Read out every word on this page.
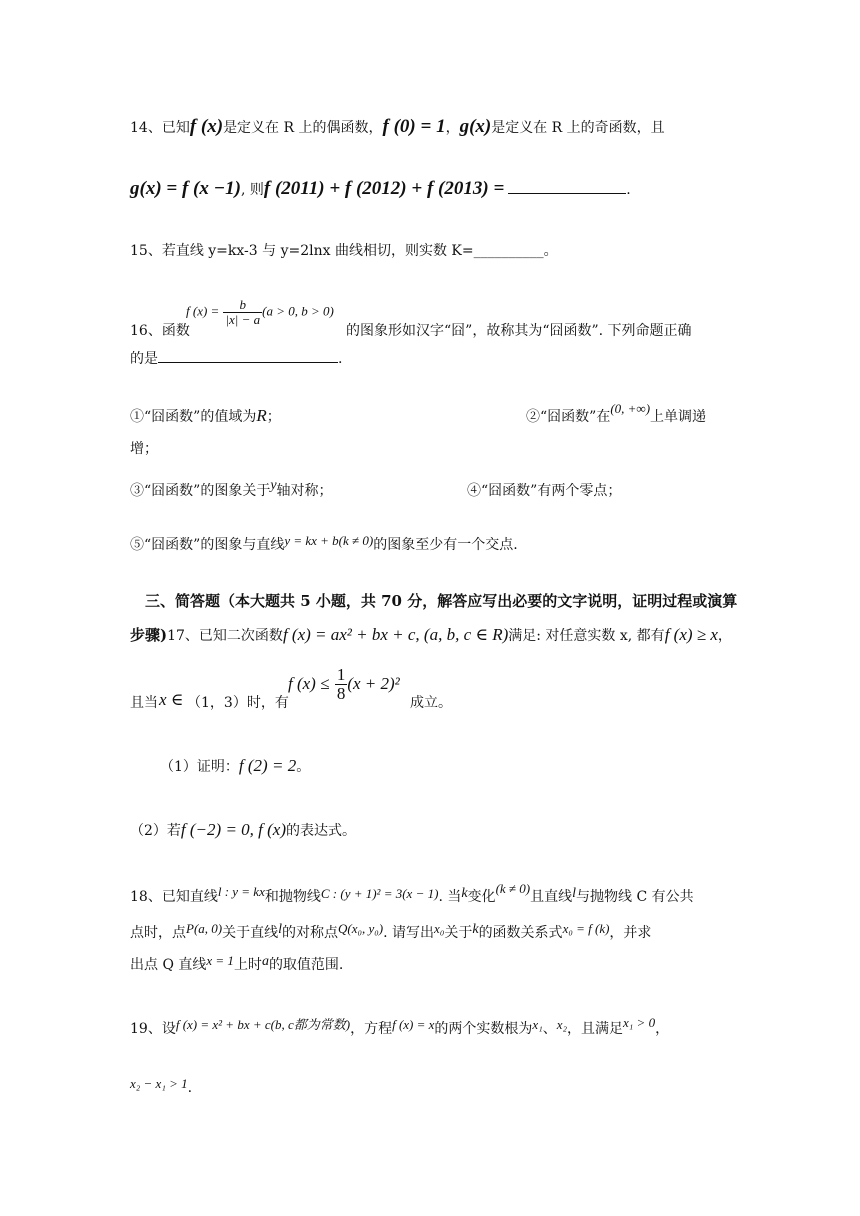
14、已知f (x)是定义在 R 上的偶函数，f (0) = 1，g(x)是定义在 R 上的奇函数，且
g(x) = f (x −1), 则f (2011) + f (2012) + f (2013) =	.
15、若直线 y=kx-3 与 y=2lnx 曲线相切，则实数 K=__________。
16、函数
f $(x) = \frac{b}{|x| - a} (a > 0$, b > 0)
的图象形如汉字“囧”，故称其为“囧函数”. 下列命题正确
的是	.
①“囧函数”的值域为R；	②“囧函数”在(0, +∞)上单调递
增；
③“囧函数”的图象关于y轴对称；	④“囧函数”有两个零点；
⑤“囧函数”的图象与直线y = kx + b(k ≠ 0)的图象至少有一个交点.
三、简答题（本大题共 5 小题，共 70 分，解答应写出必要的文字说明，证明过程或演算
步骤)17、已知二次函数f (x) = ax² + bx + c, (a, b, c ∈ R)满足: 对任意实数 x, 都有f (x) ≥ x，
且当 x ∈ （1，3）时，有
f $(x) \le \frac{1}{8} (x + 2)^2$
成立。
（1）证明：f (2) = 2。
（2）若f (−2) = 0, f (x)的表达式。
18、已知直线l : y = kx和抛物线C : (y + 1)² = 3(x − 1). 当k变化(k ≠ 0)且直线l与抛物线 C 有公共
点时，点P(a, 0)关于直线l的对称点Q(x₀, y₀). 请写出x₀关于k的函数关系式x₀ = f (k)，并求
出点 Q 直线x = 1上时a的取值范围.
19、设f (x) = x² + bx + c(b, c都为常数)，方程f (x) = x的两个实数根为x₁、x₂，且满足x₁ > 0，
x₂ − x₁ > 1.
